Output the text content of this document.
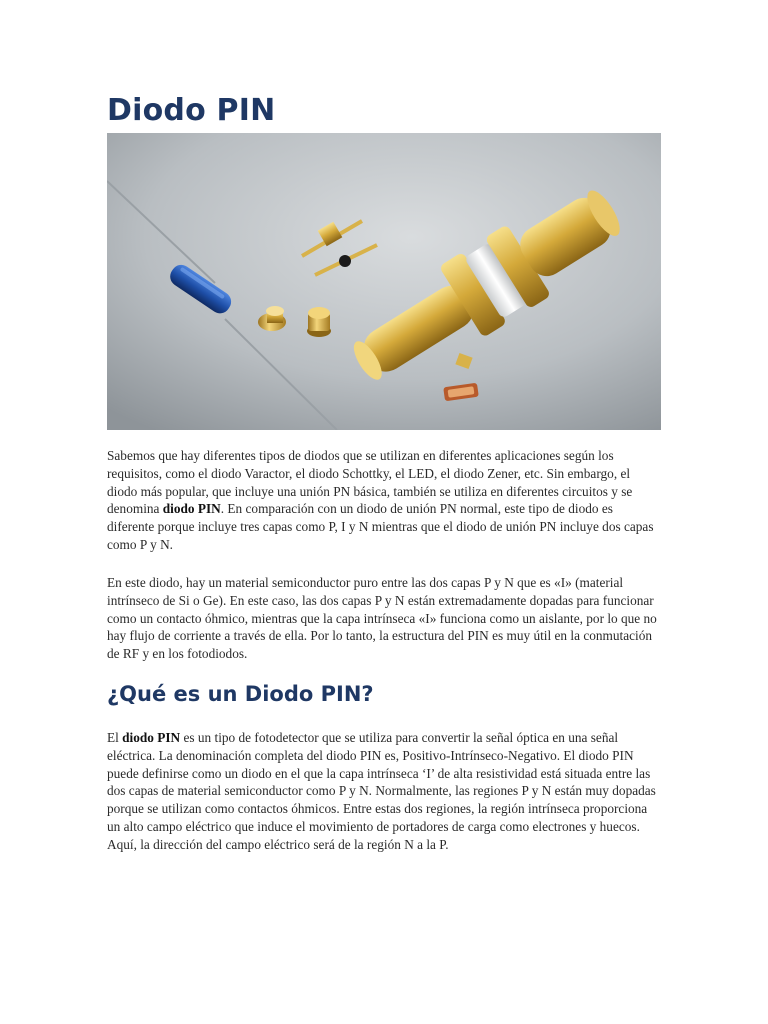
Diodo PIN

Sabemos que hay diferentes tipos de diodos que se utilizan en diferentes aplicaciones según los requisitos, como el diodo Varactor, el diodo Schottky, el LED, el diodo Zener, etc. Sin embargo, el diodo más popular, que incluye una unión PN básica, también se utiliza en diferentes circuitos y se denomina diodo PIN. En comparación con un diodo de unión PN normal, este tipo de diodo es diferente porque incluye tres capas como P, I y N mientras que el diodo de unión PN incluye dos capas como P y N.

En este diodo, hay un material semiconductor puro entre las dos capas P y N que es «I» (material intrínseco de Si o Ge). En este caso, las dos capas P y N están extremadamente dopadas para funcionar como un contacto óhmico, mientras que la capa intrínseca «I» funciona como un aislante, por lo que no hay flujo de corriente a través de ella. Por lo tanto, la estructura del PIN es muy útil en la conmutación de RF y en los fotodiodos.

¿Qué es un Diodo PIN?

El diodo PIN es un tipo de fotodetector que se utiliza para convertir la señal óptica en una señal eléctrica. La denominación completa del diodo PIN es, Positivo-Intrínseco-Negativo. El diodo PIN puede definirse como un diodo en el que la capa intrínseca ‘I’ de alta resistividad está situada entre las dos capas de material semiconductor como P y N. Normalmente, las regiones P y N están muy dopadas porque se utilizan como contactos óhmicos. Entre estas dos regiones, la región intrínseca proporciona un alto campo eléctrico que induce el movimiento de portadores de carga como electrones y huecos. Aquí, la dirección del campo eléctrico será de la región N a la P.
